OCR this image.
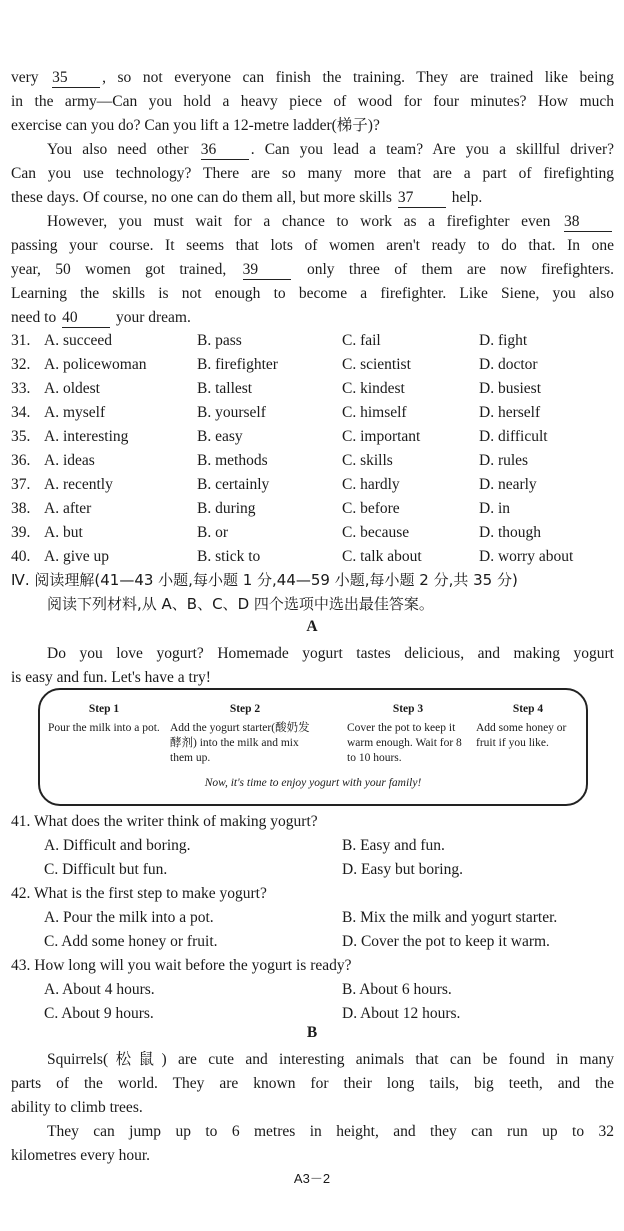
very 35 , so not everyone can finish the training. They are trained like being
in the army—Can you hold a heavy piece of wood for four minutes? How much
exercise can you do? Can you lift a 12-metre ladder(梯子)?
You also need other 36 . Can you lead a team? Are you a skillful driver?
Can you use technology? There are so many more that are a part of firefighting
these days. Of course, no one can do them all, but more skills 37 help.
However, you must wait for a chance to work as a firefighter even 38
passing your course. It seems that lots of women aren't ready to do that. In one
year, 50 women got trained, 39 only three of them are now firefighters.
Learning the skills is not enough to become a firefighter. Like Siene, you also
need to 40 your dream.
31. A. succeed	B. pass	C. fail	D. fight
32. A. policewoman	B. firefighter	C. scientist	D. doctor
33. A. oldest	B. tallest	C. kindest	D. busiest
34. A. myself	B. yourself	C. himself	D. herself
35. A. interesting	B. easy	C. important	D. difficult
36. A. ideas	B. methods	C. skills	D. rules
37. A. recently	B. certainly	C. hardly	D. nearly
38. A. after	B. during	C. before	D. in
39. A. but	B. or	C. because	D. though
40. A. give up	B. stick to	C. talk about	D. worry about
Ⅳ. 阅读理解(41—43 小题,每小题 1 分,44—59 小题,每小题 2 分,共 35 分)
阅读下列材料,从 A、B、C、D 四个选项中选出最佳答案。
A
Do you love yogurt? Homemade yogurt tastes delicious, and making yogurt
is easy and fun. Let's have a try!
Step 1
Pour the milk into a pot.
Step 2
Add the yogurt starter(酸奶发酵剂) into the milk and mix them up.
Step 3
Cover the pot to keep it warm enough. Wait for 8 to 10 hours.
Step 4
Add some honey or fruit if you like.
Now, it's time to enjoy yogurt with your family!
41. What does the writer think of making yogurt?
A. Difficult and boring.	B. Easy and fun.
C. Difficult but fun.	D. Easy but boring.
42. What is the first step to make yogurt?
A. Pour the milk into a pot.	B. Mix the milk and yogurt starter.
C. Add some honey or fruit.	D. Cover the pot to keep it warm.
43. How long will you wait before the yogurt is ready?
A. About 4 hours.	B. About 6 hours.
C. About 9 hours.	D. About 12 hours.
B
Squirrels(松鼠) are cute and interesting animals that can be found in many
parts of the world. They are known for their long tails, big teeth, and the
ability to climb trees.
They can jump up to 6 metres in height, and they can run up to 32
kilometres every hour.
A3－2
